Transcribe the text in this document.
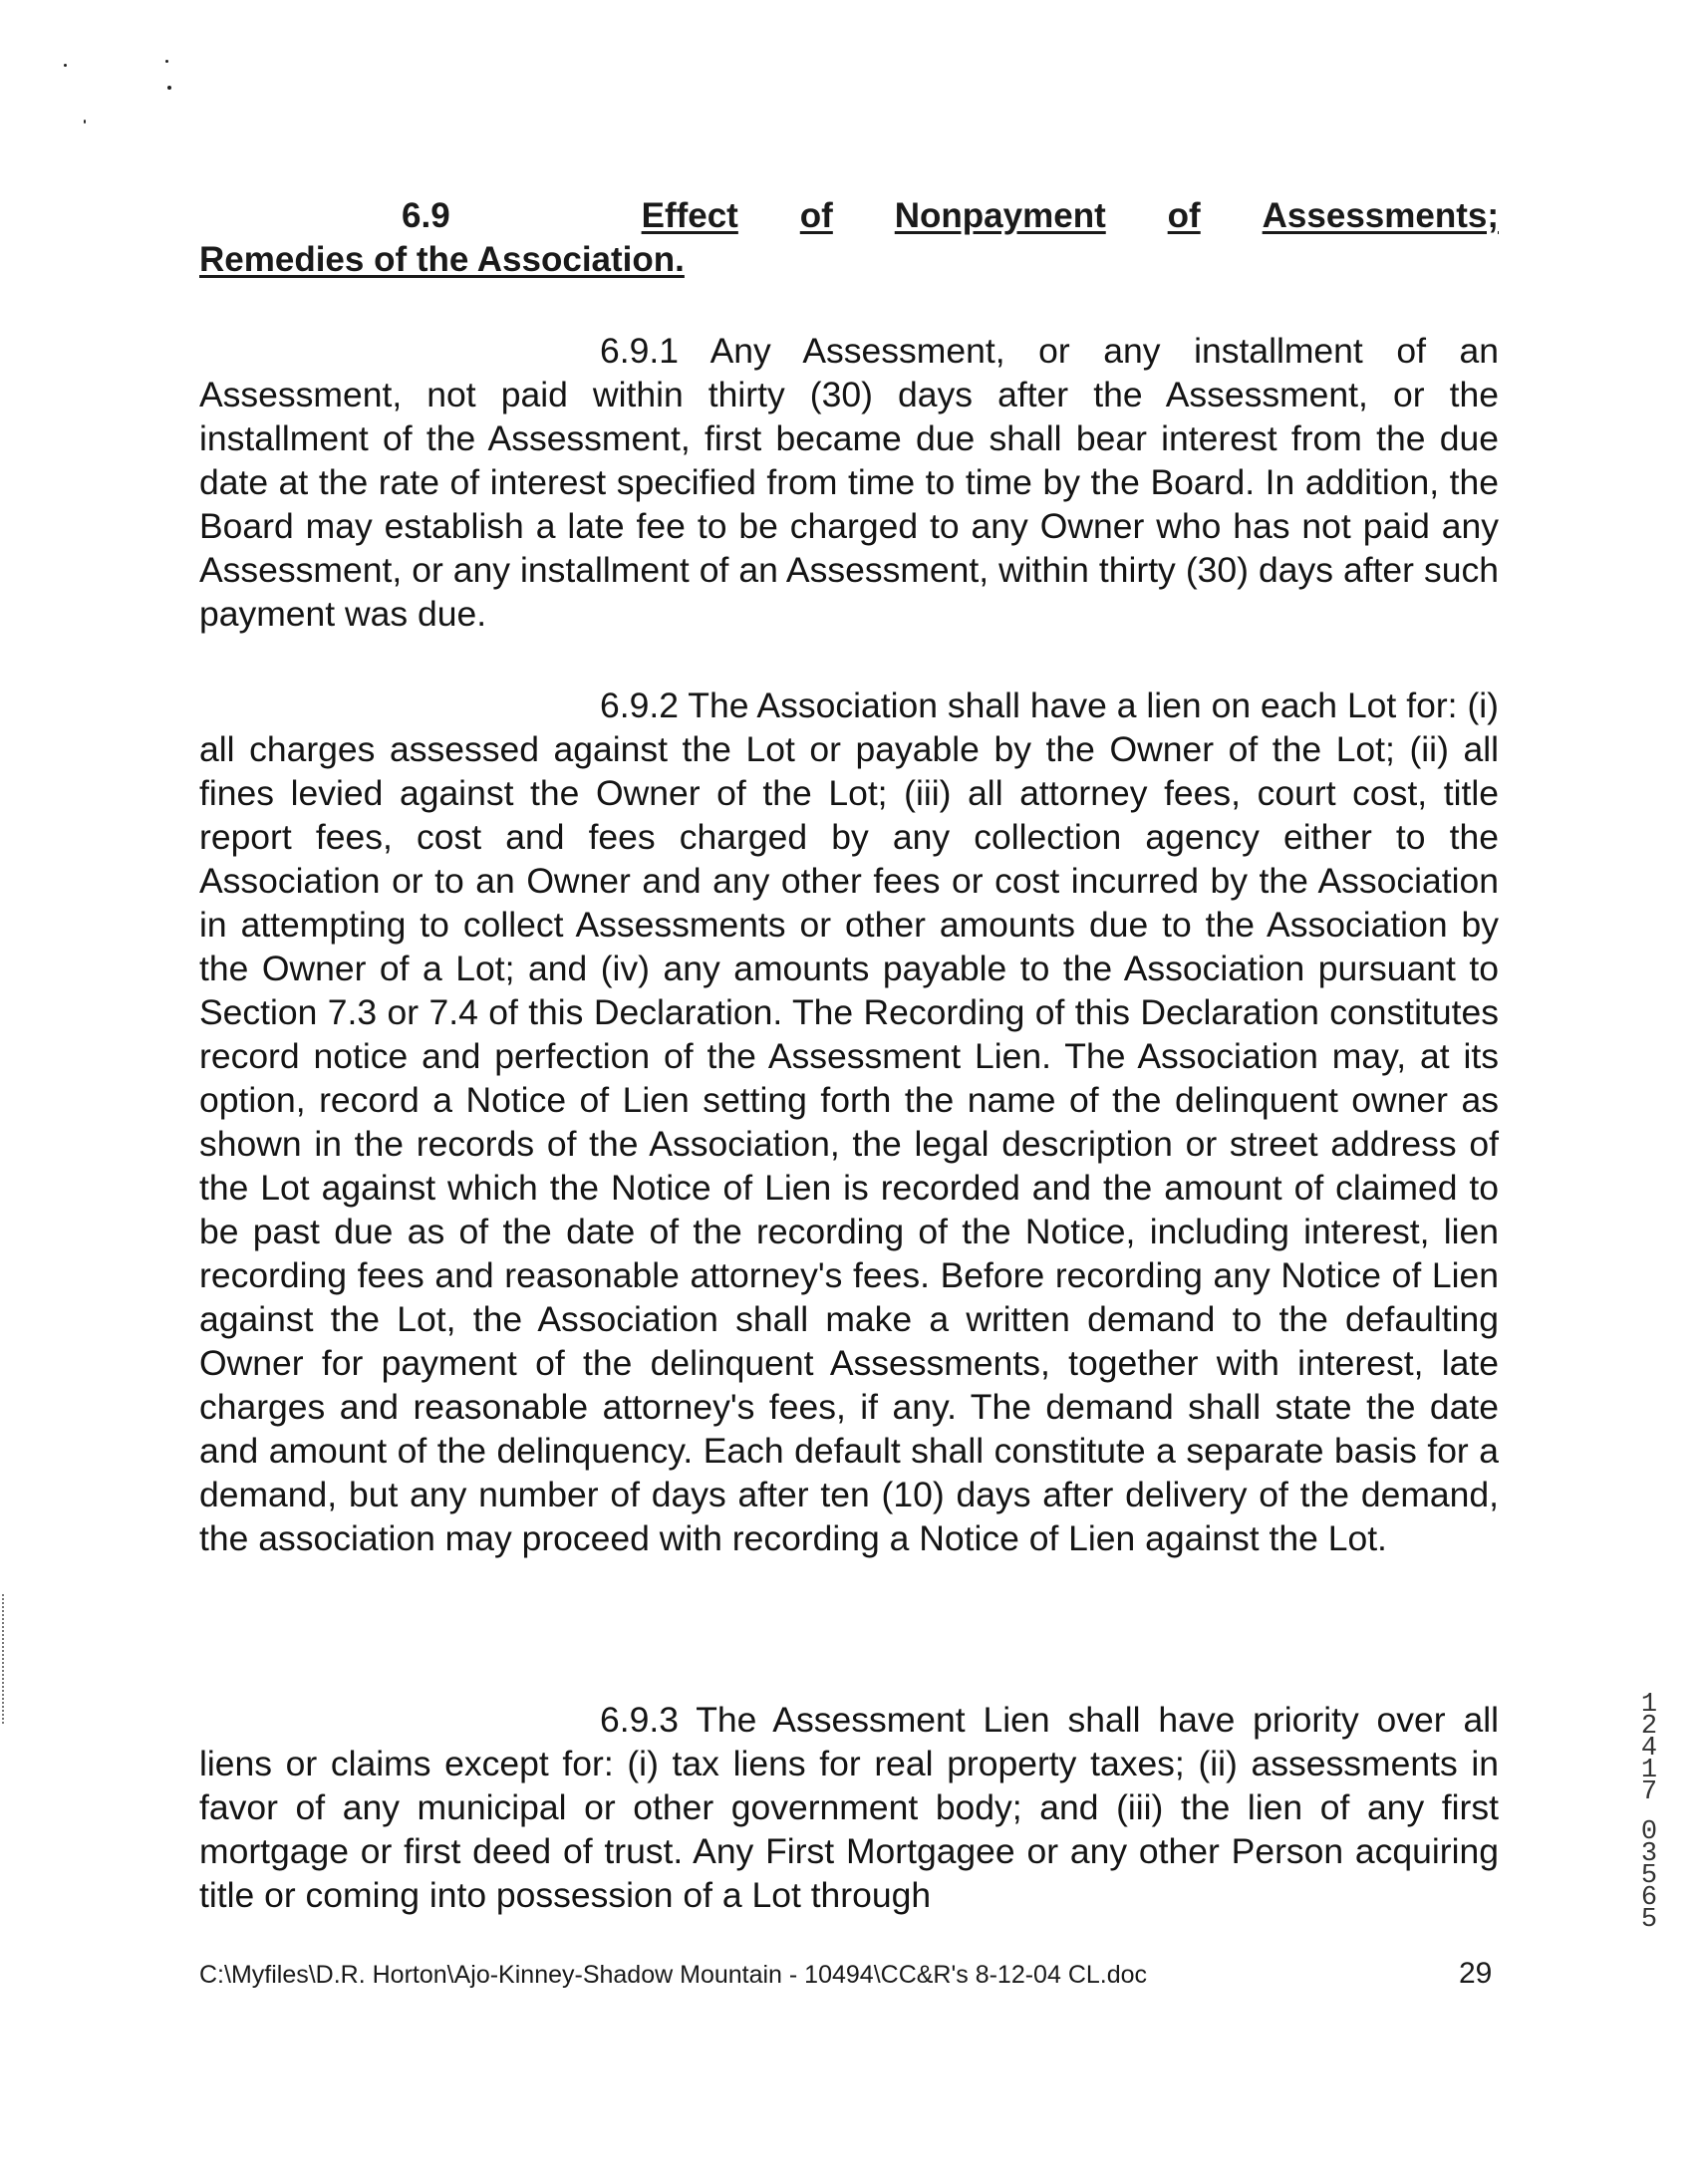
6.9	Effect of Nonpayment of Assessments;
Remedies of the Association.
6.9.1 Any Assessment, or any installment of an Assessment, not paid within thirty (30) days after the Assessment, or the installment of the Assessment, first became due shall bear interest from the due date at the rate of interest specified from time to time by the Board. In addition, the Board may establish a late fee to be charged to any Owner who has not paid any Assessment, or any installment of an Assessment, within thirty (30) days after such payment was due.
6.9.2 The Association shall have a lien on each Lot for: (i) all charges assessed against the Lot or payable by the Owner of the Lot; (ii) all fines levied against the Owner of the Lot; (iii) all attorney fees, court cost, title report fees, cost and fees charged by any collection agency either to the Association or to an Owner and any other fees or cost incurred by the Association in attempting to collect Assessments or other amounts due to the Association by the Owner of a Lot; and (iv) any amounts payable to the Association pursuant to Section 7.3 or 7.4 of this Declaration. The Recording of this Declaration constitutes record notice and perfection of the Assessment Lien. The Association may, at its option, record a Notice of Lien setting forth the name of the delinquent owner as shown in the records of the Association, the legal description or street address of the Lot against which the Notice of Lien is recorded and the amount of claimed to be past due as of the date of the recording of the Notice, including interest, lien recording fees and reasonable attorney's fees. Before recording any Notice of Lien against the Lot, the Association shall make a written demand to the defaulting Owner for payment of the delinquent Assessments, together with interest, late charges and reasonable attorney's fees, if any. The demand shall state the date and amount of the delinquency. Each default shall constitute a separate basis for a demand, but any number of days after ten (10) days after delivery of the demand, the association may proceed with recording a Notice of Lien against the Lot.
6.9.3 The Assessment Lien shall have priority over all liens or claims except for: (i) tax liens for real property taxes; (ii) assessments in favor of any municipal or other government body; and (iii) the lien of any first mortgage or first deed of trust. Any First Mortgagee or any other Person acquiring title or coming into possession of a Lot through
C:\Myfiles\D.R. Horton\Ajo-Kinney-Shadow Mountain - 10494\CC&R's 8-12-04 CL.doc	29

1
2
4
1
7

0
3
5
6
5
